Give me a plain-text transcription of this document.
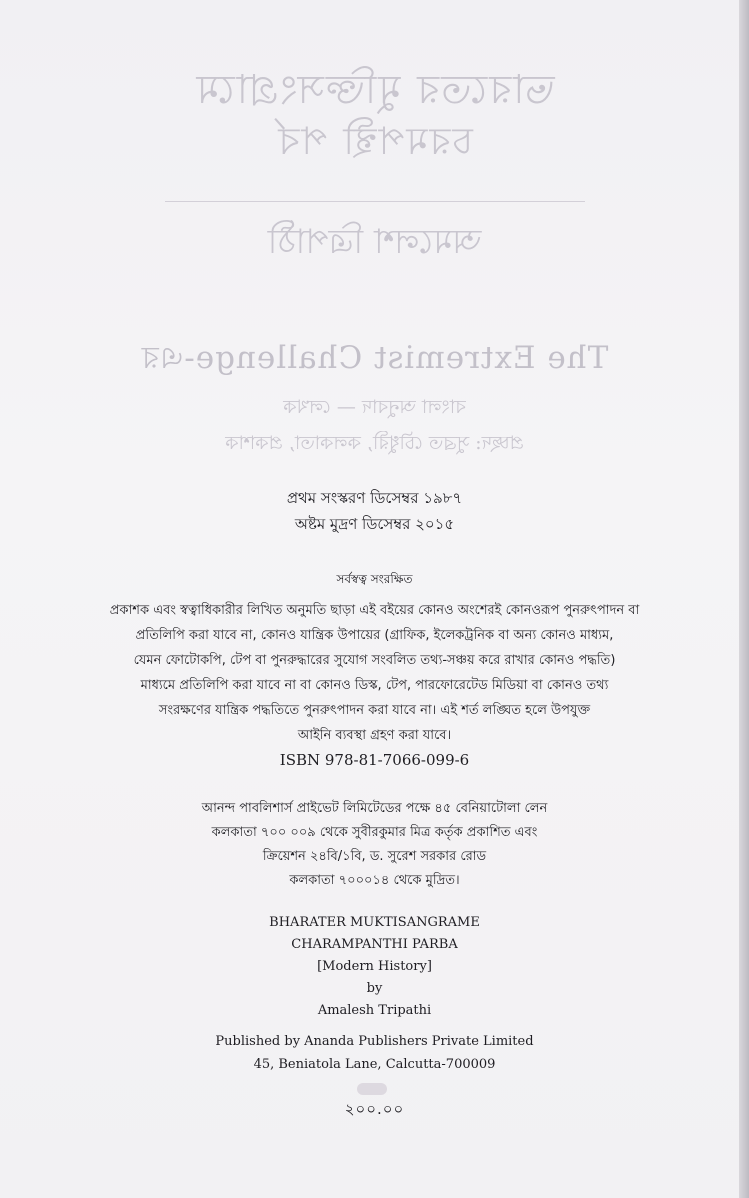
ভারতের মুক্তিসংগ্রামে
চরমপন্থী পর্ব
অমলেশ ত্রিপাঠী
The Extremist Challenge-এর
বাংলা অনুবাদ — লেখক
প্রচ্ছদ: সুব্রত চৌধুরী, কলকাতা, প্রকাশক
প্রথম সংস্করণ ডিসেম্বর ১৯৮৭
অষ্টম মুদ্রণ ডিসেম্বর ২০১৫
সর্বস্বত্ব সংরক্ষিত
প্রকাশক এবং স্বত্বাধিকারীর লিখিত অনুমতি ছাড়া এই বইয়ের কোনও অংশেরই কোনওরূপ পুনরুৎপাদন বা
প্রতিলিপি করা যাবে না, কোনও যান্ত্রিক উপায়ের (গ্রাফিক, ইলেকট্রনিক বা অন্য কোনও মাধ্যম,
যেমন ফোটোকপি, টেপ বা পুনরুদ্ধারের সুযোগ সংবলিত তথ্য-সঞ্চয় করে রাখার কোনও পদ্ধতি)
মাধ্যমে প্রতিলিপি করা যাবে না বা কোনও ডিস্ক, টেপ, পারফোরেটেড মিডিয়া বা কোনও তথ্য
সংরক্ষণের যান্ত্রিক পদ্ধতিতে পুনরুৎপাদন করা যাবে না। এই শর্ত লঙ্ঘিত হলে উপযুক্ত
আইনি ব্যবস্থা গ্রহণ করা যাবে।
ISBN 978-81-7066-099-6
আনন্দ পাবলিশার্স প্রাইভেট লিমিটেডের পক্ষে ৪৫ বেনিয়াটোলা লেন
কলকাতা ৭০০ ০০৯ থেকে সুবীরকুমার মিত্র কর্তৃক প্রকাশিত এবং
ক্রিয়েশন ২৪বি/১বি, ড. সুরেশ সরকার রোড
কলকাতা ৭০০০১৪ থেকে মুদ্রিত।
BHARATER MUKTISANGRAME
CHARAMPANTHI PARBA
[Modern History]
by
Amalesh Tripathi
Published by Ananda Publishers Private Limited
45, Beniatola Lane, Calcutta-700009
২০০.০০
